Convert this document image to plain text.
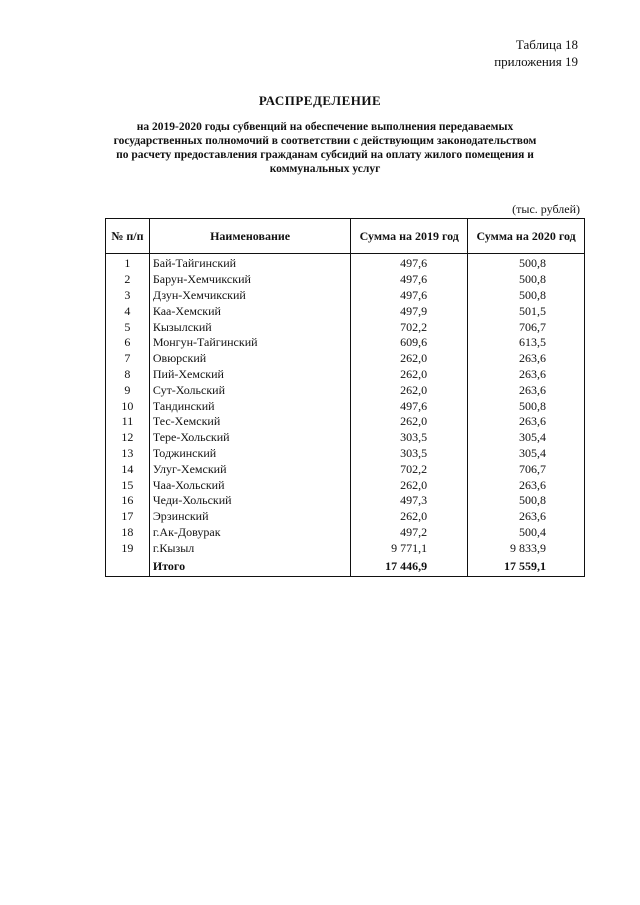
Таблица 18
приложения 19
РАСПРЕДЕЛЕНИЕ
на 2019-2020 годы субвенций на обеспечение выполнения передаваемых государственных полномочий в соответствии с действующим законодательством по расчету предоставления гражданам субсидий на оплату жилого помещения и коммунальных услуг
(тыс. рублей)
№ п/п	Наименование	Сумма на 2019 год	Сумма на 2020 год
1	Бай-Тайгинский	497,6	500,8
2	Барун-Хемчикский	497,6	500,8
3	Дзун-Хемчикский	497,6	500,8
4	Каа-Хемский	497,9	501,5
5	Кызылский	702,2	706,7
6	Монгун-Тайгинский	609,6	613,5
7	Овюрский	262,0	263,6
8	Пий-Хемский	262,0	263,6
9	Сут-Хольский	262,0	263,6
10	Тандинский	497,6	500,8
11	Тес-Хемский	262,0	263,6
12	Тере-Хольский	303,5	305,4
13	Тоджинский	303,5	305,4
14	Улуг-Хемский	702,2	706,7
15	Чаа-Хольский	262,0	263,6
16	Чеди-Хольский	497,3	500,8
17	Эрзинский	262,0	263,6
18	г.Ак-Довурак	497,2	500,4
19	г.Кызыл	9 771,1	9 833,9
	Итого	17 446,9	17 559,1
